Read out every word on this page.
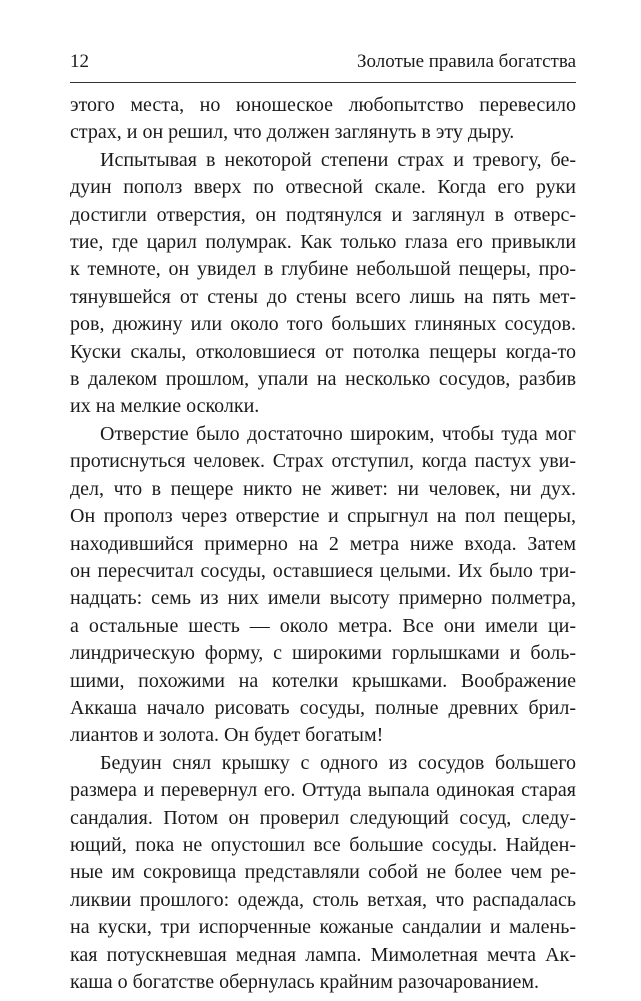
12	Золотые правила богатства

этого места, но юношеское любопытство перевесило
страх, и он решил, что должен заглянуть в эту дыру.

Испытывая в некоторой степени страх и тревогу, бе-
дуин пополз вверх по отвесной скале. Когда его руки
достигли отверстия, он подтянулся и заглянул в отверс-
тие, где царил полумрак. Как только глаза его привыкли
к темноте, он увидел в глубине небольшой пещеры, про-
тянувшейся от стены до стены всего лишь на пять мет-
ров, дюжину или около того больших глиняных сосудов.
Куски скалы, отколовшиеся от потолка пещеры когда-то
в далеком прошлом, упали на несколько сосудов, разбив
их на мелкие осколки.

Отверстие было достаточно широким, чтобы туда мог
протиснуться человек. Страх отступил, когда пастух уви-
дел, что в пещере никто не живет: ни человек, ни дух.
Он прополз через отверстие и спрыгнул на пол пещеры,
находившийся примерно на 2 метра ниже входа. Затем
он пересчитал сосуды, оставшиеся целыми. Их было три-
надцать: семь из них имели высоту примерно полметра,
а остальные шесть — около метра. Все они имели ци-
линдрическую форму, с широкими горлышками и боль-
шими, похожими на котелки крышками. Воображение
Аккаша начало рисовать сосуды, полные древних брил-
лиантов и золота. Он будет богатым!

Бедуин снял крышку с одного из сосудов большего
размера и перевернул его. Оттуда выпала одинокая старая
сандалия. Потом он проверил следующий сосуд, следу-
ющий, пока не опустошил все большие сосуды. Найден-
ные им сокровища представляли собой не более чем ре-
ликвии прошлого: одежда, столь ветхая, что распадалась
на куски, три испорченные кожаные сандалии и малень-
кая потускневшая медная лампа. Мимолетная мечта Ак-
каша о богатстве обернулась крайним разочарованием.
